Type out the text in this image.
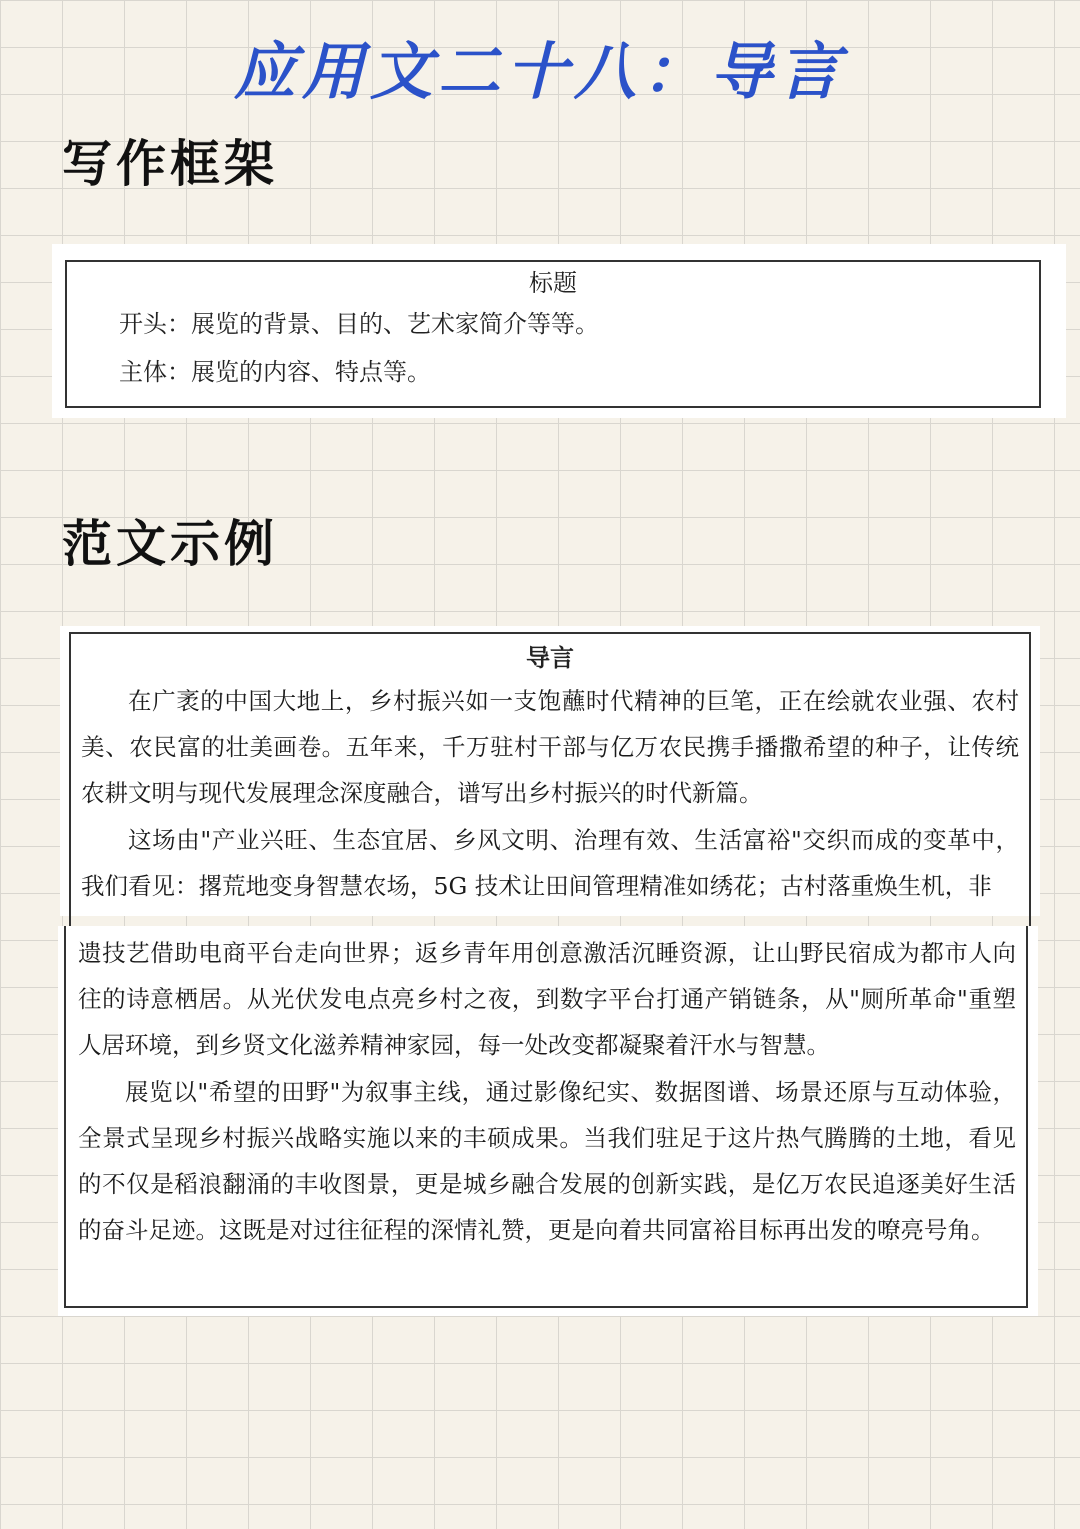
应用文二十八：导言
写作框架
标题
开头：展览的背景、目的、艺术家简介等等。
主体：展览的内容、特点等。
范文示例
导言
在广袤的中国大地上，乡村振兴如一支饱蘸时代精神的巨笔，正在绘就农业强、农村美、农民富的壮美画卷。五年来，千万驻村干部与亿万农民携手播撒希望的种子，让传统农耕文明与现代发展理念深度融合，谱写出乡村振兴的时代新篇。
这场由"产业兴旺、生态宜居、乡风文明、治理有效、生活富裕"交织而成的变革中，我们看见：撂荒地变身智慧农场，5G 技术让田间管理精准如绣花；古村落重焕生机，非
遗技艺借助电商平台走向世界；返乡青年用创意激活沉睡资源，让山野民宿成为都市人向往的诗意栖居。从光伏发电点亮乡村之夜，到数字平台打通产销链条，从"厕所革命"重塑人居环境，到乡贤文化滋养精神家园，每一处改变都凝聚着汗水与智慧。
展览以"希望的田野"为叙事主线，通过影像纪实、数据图谱、场景还原与互动体验，全景式呈现乡村振兴战略实施以来的丰硕成果。当我们驻足于这片热气腾腾的土地，看见的不仅是稻浪翻涌的丰收图景，更是城乡融合发展的创新实践，是亿万农民追逐美好生活的奋斗足迹。这既是对过往征程的深情礼赞，更是向着共同富裕目标再出发的嘹亮号角。
